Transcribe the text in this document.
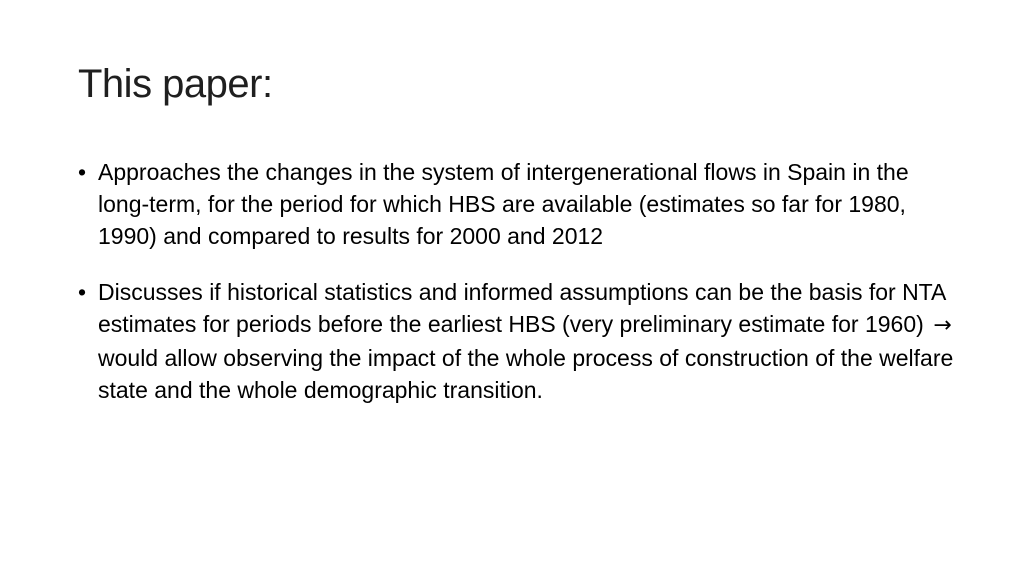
This paper:
• Approaches the changes in the system of intergenerational flows in Spain in the long-term, for the period for which HBS are available (estimates so far for 1980, 1990) and compared to results for 2000 and 2012
• Discusses if historical statistics and informed assumptions can be the basis for NTA estimates for periods before the earliest HBS (very preliminary estimate for 1960) → would allow observing the impact of the whole process of construction of the welfare state and the whole demographic transition.
